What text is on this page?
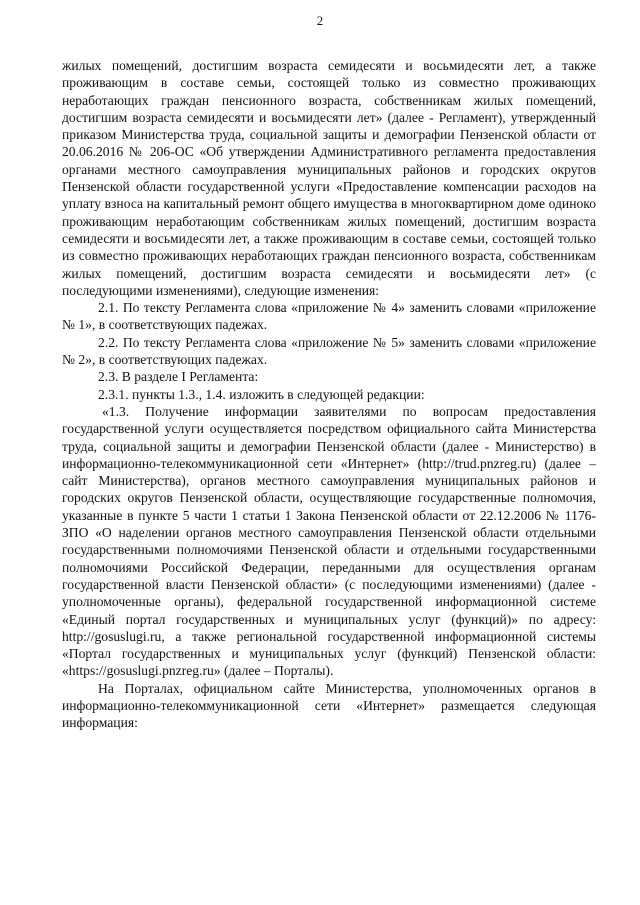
2

жилых помещений, достигшим возраста семидесяти и восьмидесяти лет, а также проживающим в составе семьи, состоящей только из совместно проживающих неработающих граждан пенсионного возраста, собственникам жилых помещений, достигшим возраста семидесяти и восьмидесяти лет» (далее - Регламент), утвержденный приказом Министерства труда, социальной защиты и демографии Пензенской области от 20.06.2016 № 206-ОС «Об утверждении Административного регламента предоставления органами местного самоуправления муниципальных районов и городских округов Пензенской области государственной услуги «Предоставление компенсации расходов на уплату взноса на капитальный ремонт общего имущества в многоквартирном доме одиноко проживающим неработающим собственникам жилых помещений, достигшим возраста семидесяти и восьмидесяти лет, а также проживающим в составе семьи, состоящей только из совместно проживающих неработающих граждан пенсионного возраста, собственникам жилых помещений, достигшим возраста семидесяти и восьмидесяти лет» (с последующими изменениями), следующие изменения:

2.1. По тексту Регламента слова «приложение № 4» заменить словами «приложение № 1», в соответствующих падежах.

2.2. По тексту Регламента слова «приложение № 5» заменить словами «приложение № 2», в соответствующих падежах.

2.3. В разделе I Регламента:

2.3.1. пункты 1.3., 1.4. изложить в следующей редакции:

«1.3. Получение информации заявителями по вопросам предоставления государственной услуги осуществляется посредством официального сайта Министерства труда, социальной защиты и демографии Пензенской области (далее - Министерство) в информационно-телекоммуникационной сети «Интернет» (http://trud.pnzreg.ru) (далее – сайт Министерства), органов местного самоуправления муниципальных районов и городских округов Пензенской области, осуществляющие государственные полномочия, указанные в пункте 5 части 1 статьи 1 Закона Пензенской области от 22.12.2006 № 1176-ЗПО «О наделении органов местного самоуправления Пензенской области отдельными государственными полномочиями Пензенской области и отдельными государственными полномочиями Российской Федерации, переданными для осуществления органам государственной власти Пензенской области» (с последующими изменениями) (далее - уполномоченные органы), федеральной государственной информационной системе «Единый портал государственных и муниципальных услуг (функций)» по адресу: http://gosuslugi.ru, а также региональной государственной информационной системы «Портал государственных и муниципальных услуг (функций) Пензенской области: «https://gosuslugi.pnzreg.ru» (далее – Порталы).

На Порталах, официальном сайте Министерства, уполномоченных органов в информационно-телекоммуникационной сети «Интернет» размещается следующая информация:
